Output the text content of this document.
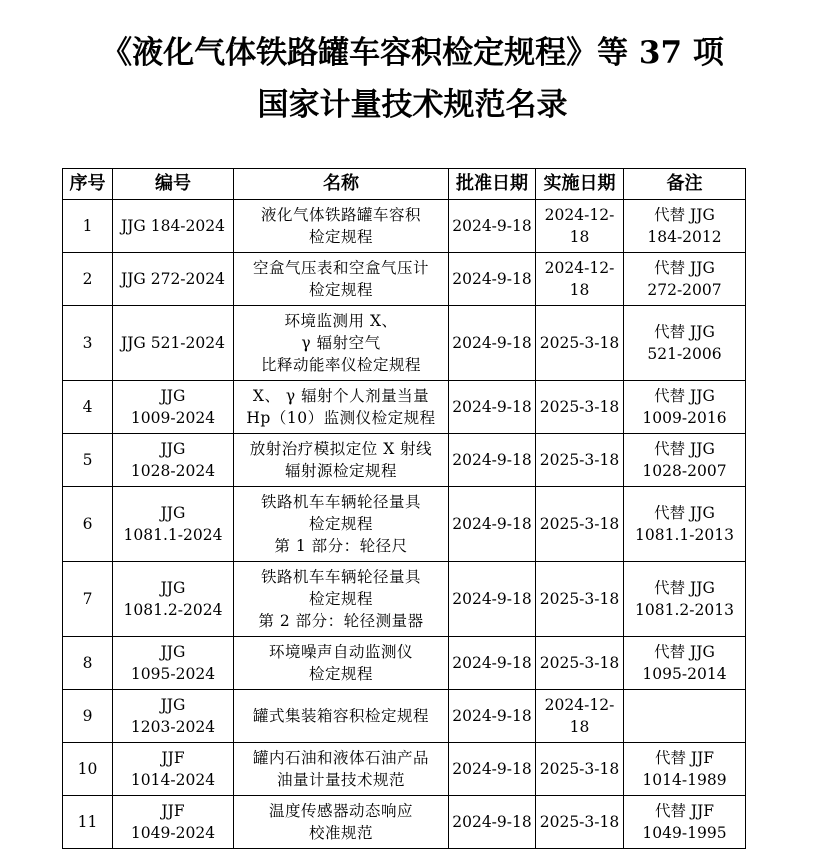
《液化气体铁路罐车容积检定规程》等 37 项
国家计量技术规范名录
序号	编号	名称	批准日期	实施日期	备注
1	JJG 184-2024	液化气体铁路罐车容积
检定规程	2024-9-18	2024-12-18	代替 JJG
184-2012

2	JJG 272-2024	空盒气压表和空盒气压计
检定规程	2024-9-18	2024-12-18	代替 JJG
272-2007

3	JJG 521-2024	环境监测用 X、
γ 辐射空气
比释动能率仪检定规程	2024-9-18	2025-3-18	代替 JJG
521-2006

4	JJG
1009-2024	X、 γ 辐射个人剂量当量
Hp（10）监测仪检定规程	2024-9-18	2025-3-18	代替 JJG
1009-2016

5	JJG
1028-2024	放射治疗模拟定位 X 射线
辐射源检定规程	2024-9-18	2025-3-18	代替 JJG
1028-2007

6	JJG
1081.1-2024	铁路机车车辆轮径量具
检定规程
第 1 部分：轮径尺	2024-9-18	2025-3-18	代替 JJG
1081.1-2013

7	JJG
1081.2-2024	铁路机车车辆轮径量具
检定规程
第 2 部分：轮径测量器	2024-9-18	2025-3-18	代替 JJG
1081.2-2013

8	JJG
1095-2024	环境噪声自动监测仪
检定规程	2024-9-18	2025-3-18	代替 JJG
1095-2014

9	JJG
1203-2024	罐式集装箱容积检定规程	2024-9-18	2024-12-18	
10	JJF
1014-2024	罐内石油和液体石油产品
油量计量技术规范	2024-9-18	2025-3-18	代替 JJF
1014-1989

11	JJF
1049-2024	温度传感器动态响应
校准规范	2024-9-18	2025-3-18	代替 JJF
1049-1995
